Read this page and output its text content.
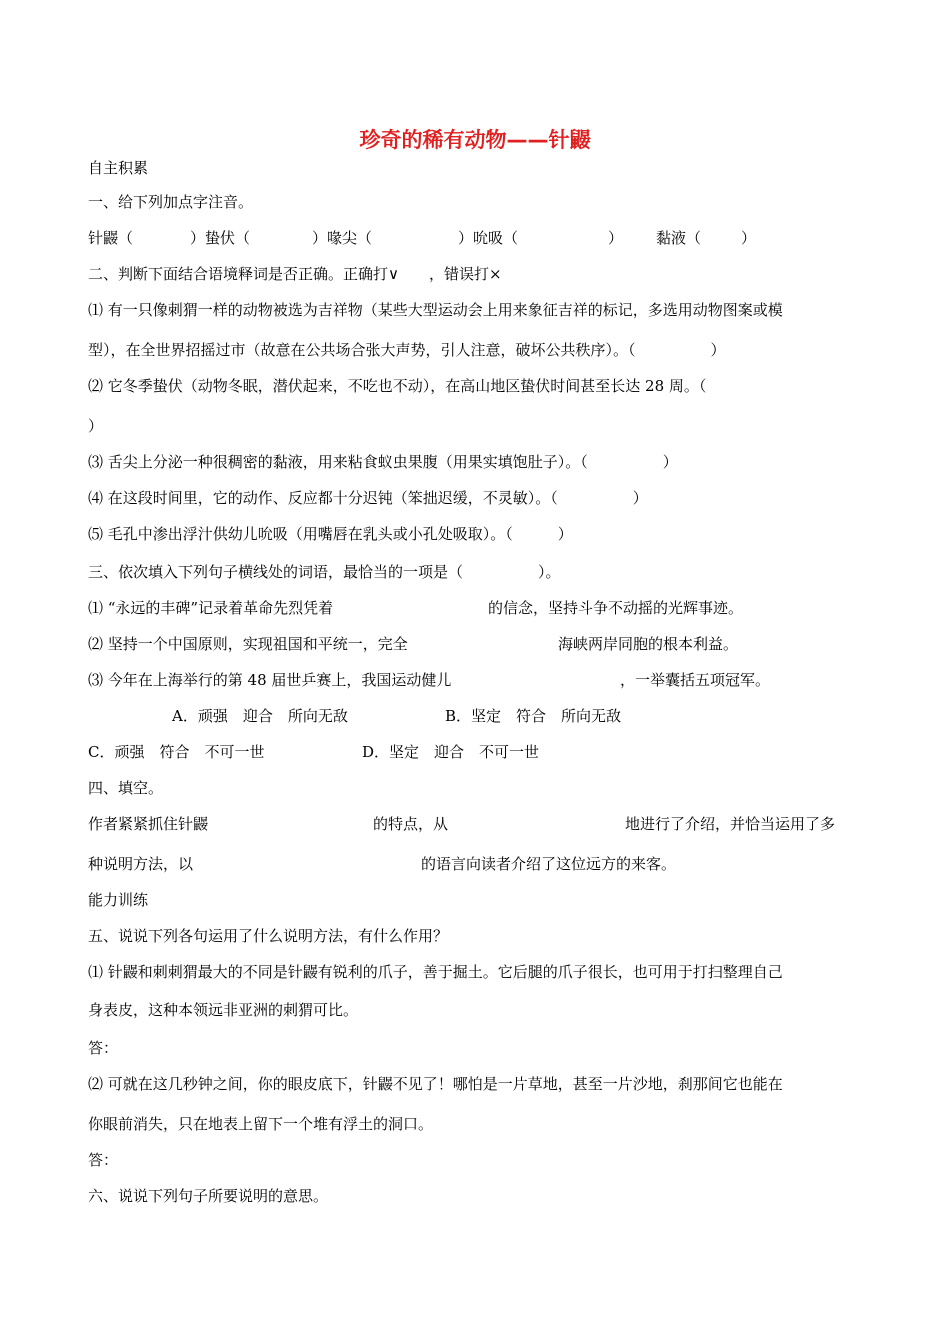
珍奇的稀有动物——针鼹
自主积累
一、给下列加点字注音。
针鼹（	）蛰伏（	）喙尖（	）吮吸（	） 黏液（	）
二、判断下面结合语境释词是否正确。正确打∨　　，错误打×
⑴ 有一只像刺猬一样的动物被选为吉祥物（某些大型运动会上用来象征吉祥的标记，多选用动物图案或模
型），在全世界招摇过市（故意在公共场合张大声势，引人注意，破坏公共秩序）。（　　　　　）
⑵ 它冬季蛰伏（动物冬眠，潜伏起来，不吃也不动），在高山地区蛰伏时间甚至长达 28 周。（
）
⑶ 舌尖上分泌一种很稠密的黏液，用来粘食蚁虫果腹（用果实填饱肚子）。（　　　　　）
⑷ 在这段时间里，它的动作、反应都十分迟钝（笨拙迟缓，不灵敏）。（　　　　　）
⑸ 毛孔中渗出浮汁供幼儿吮吸（用嘴唇在乳头或小孔处吸取）。（　　　）
三、依次填入下列句子横线处的词语，最恰当的一项是（　　　　　）。
⑴ “永远的丰碑”记录着革命先烈凭着	的信念，坚持斗争不动摇的光辉事迹。
⑵ 坚持一个中国原则，实现祖国和平统一，完全	海峡两岸同胞的根本利益。
⑶ 今年在上海举行的第 48 届世乒赛上，我国运动健儿	，一举囊括五项冠军。
A．顽强　迎合　所向无敌	B．坚定　符合　所向无敌
C．顽强　符合　不可一世	D．坚定　迎合　不可一世
四、填空。
作者紧紧抓住针鼹	的特点，从	地进行了介绍，并恰当运用了多
种说明方法，以	的语言向读者介绍了这位远方的来客。
能力训练
五、说说下列各句运用了什么说明方法，有什么作用？
⑴ 针鼹和刺刺猬最大的不同是针鼹有锐利的爪子，善于掘土。它后腿的爪子很长，也可用于打扫整理自己
身表皮，这种本领远非亚洲的刺猬可比。
答：
⑵ 可就在这几秒钟之间，你的眼皮底下，针鼹不见了！哪怕是一片草地，甚至一片沙地，刹那间它也能在
你眼前消失，只在地表上留下一个堆有浮土的洞口。
答：
六、说说下列句子所要说明的意思。
